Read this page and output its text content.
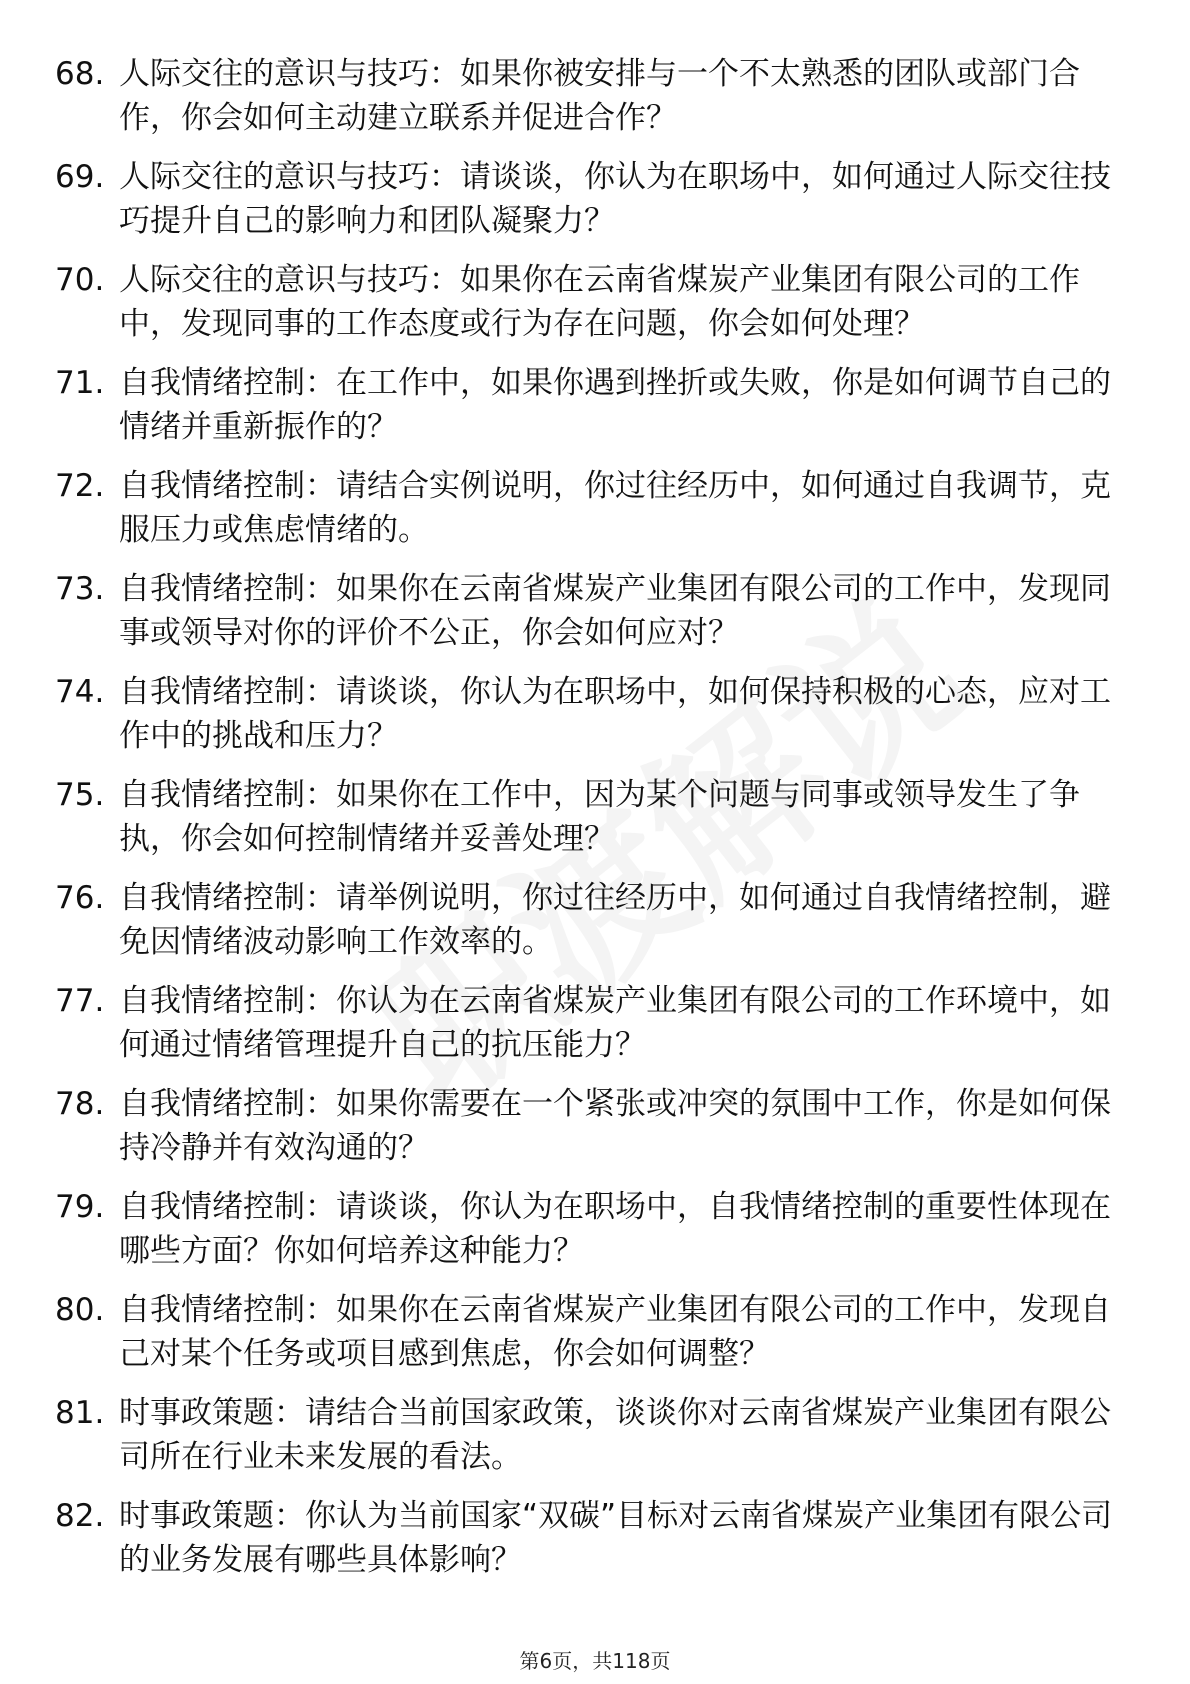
68. 人际交往的意识与技巧：如果你被安排与一个不太熟悉的团队或部门合作，你会如何主动建立联系并促进合作？
69. 人际交往的意识与技巧：请谈谈，你认为在职场中，如何通过人际交往技巧提升自己的影响力和团队凝聚力？
70. 人际交往的意识与技巧：如果你在云南省煤炭产业集团有限公司的工作中，发现同事的工作态度或行为存在问题，你会如何处理？
71. 自我情绪控制：在工作中，如果你遇到挫折或失败，你是如何调节自己的情绪并重新振作的？
72. 自我情绪控制：请结合实例说明，你过往经历中，如何通过自我调节，克服压力或焦虑情绪的。
73. 自我情绪控制：如果你在云南省煤炭产业集团有限公司的工作中，发现同事或领导对你的评价不公正，你会如何应对？
74. 自我情绪控制：请谈谈，你认为在职场中，如何保持积极的心态，应对工作中的挑战和压力？
75. 自我情绪控制：如果你在工作中，因为某个问题与同事或领导发生了争执，你会如何控制情绪并妥善处理？
76. 自我情绪控制：请举例说明，你过往经历中，如何通过自我情绪控制，避免因情绪波动影响工作效率的。
77. 自我情绪控制：你认为在云南省煤炭产业集团有限公司的工作环境中，如何通过情绪管理提升自己的抗压能力？
78. 自我情绪控制：如果你需要在一个紧张或冲突的氛围中工作，你是如何保持冷静并有效沟通的？
79. 自我情绪控制：请谈谈，你认为在职场中，自我情绪控制的重要性体现在哪些方面？你如何培养这种能力？
80. 自我情绪控制：如果你在云南省煤炭产业集团有限公司的工作中，发现自己对某个任务或项目感到焦虑，你会如何调整？
81. 时事政策题：请结合当前国家政策，谈谈你对云南省煤炭产业集团有限公司所在行业未来发展的看法。
82. 时事政策题：你认为当前国家“双碳”目标对云南省煤炭产业集团有限公司的业务发展有哪些具体影响？
第6页，共118页
